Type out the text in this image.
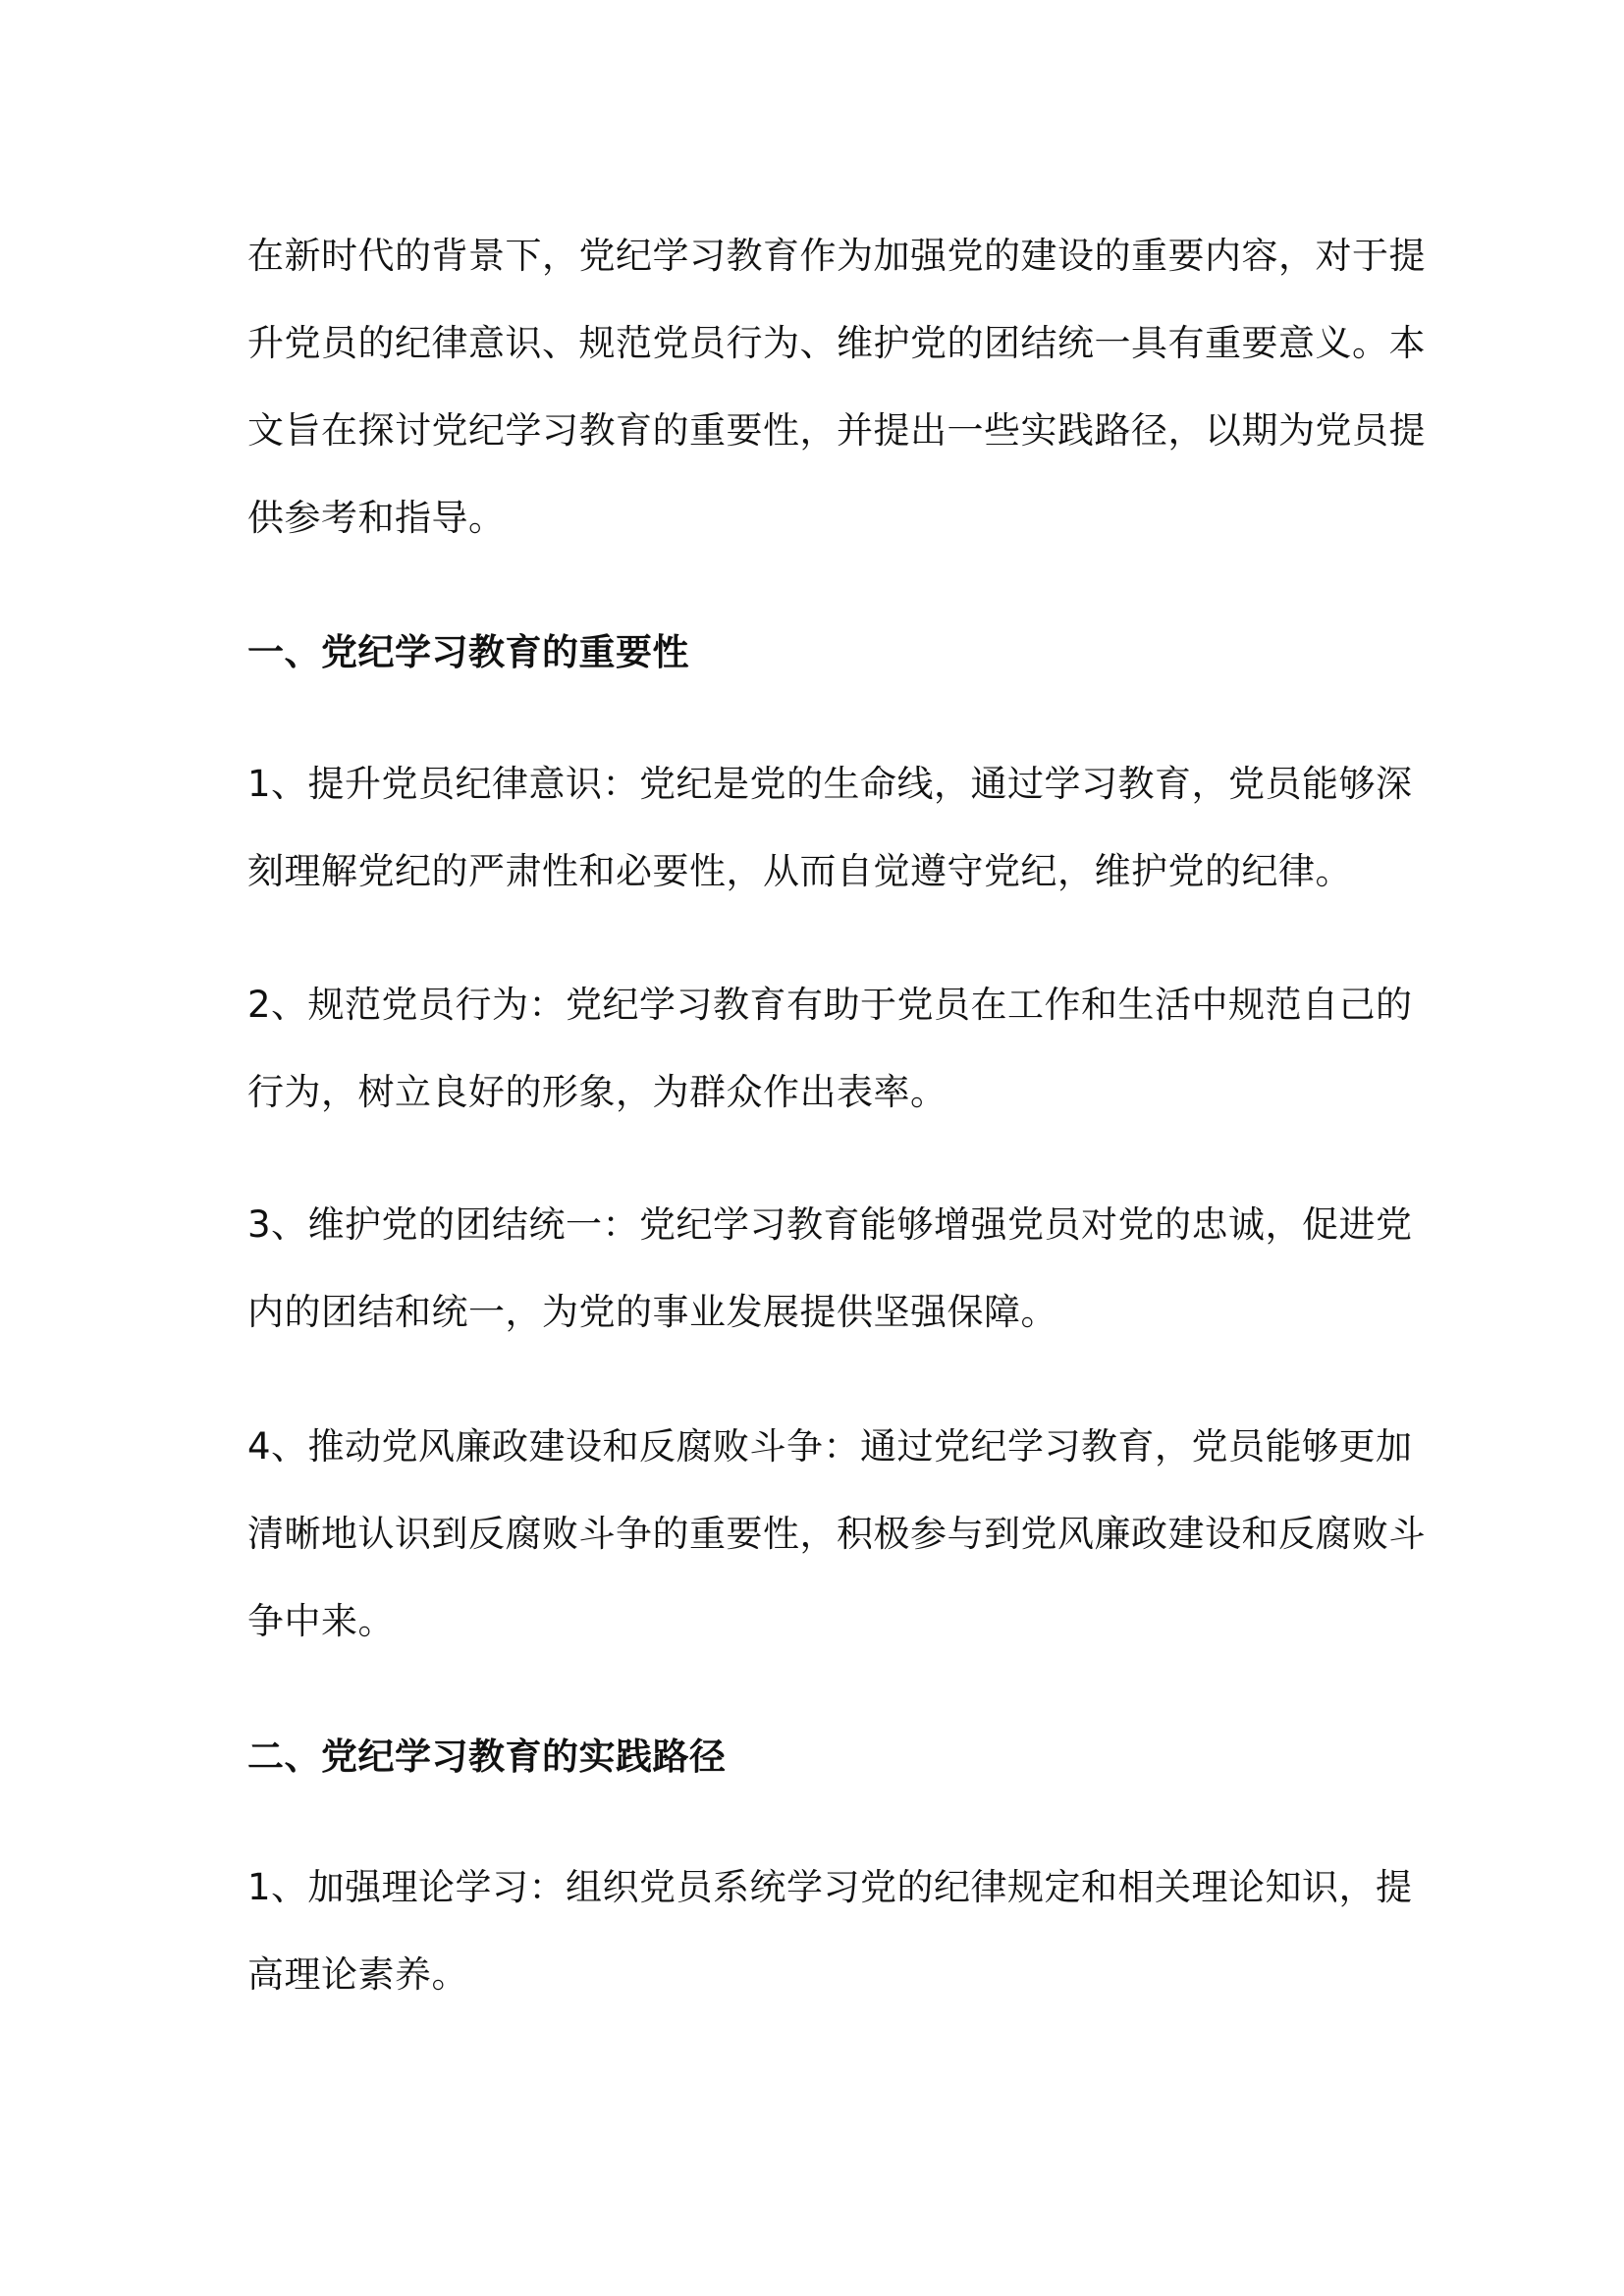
在新时代的背景下，党纪学习教育作为加强党的建设的重要内容，对于提
升党员的纪律意识、规范党员行为、维护党的团结统一具有重要意义。本
文旨在探讨党纪学习教育的重要性，并提出一些实践路径，以期为党员提
供参考和指导。

一、党纪学习教育的重要性

1、提升党员纪律意识：党纪是党的生命线，通过学习教育，党员能够深
刻理解党纪的严肃性和必要性，从而自觉遵守党纪，维护党的纪律。

2、规范党员行为：党纪学习教育有助于党员在工作和生活中规范自己的
行为，树立良好的形象，为群众作出表率。

3、维护党的团结统一：党纪学习教育能够增强党员对党的忠诚，促进党
内的团结和统一，为党的事业发展提供坚强保障。

4、推动党风廉政建设和反腐败斗争：通过党纪学习教育，党员能够更加
清晰地认识到反腐败斗争的重要性，积极参与到党风廉政建设和反腐败斗
争中来。

二、党纪学习教育的实践路径

1、加强理论学习：组织党员系统学习党的纪律规定和相关理论知识，提
高理论素养。
